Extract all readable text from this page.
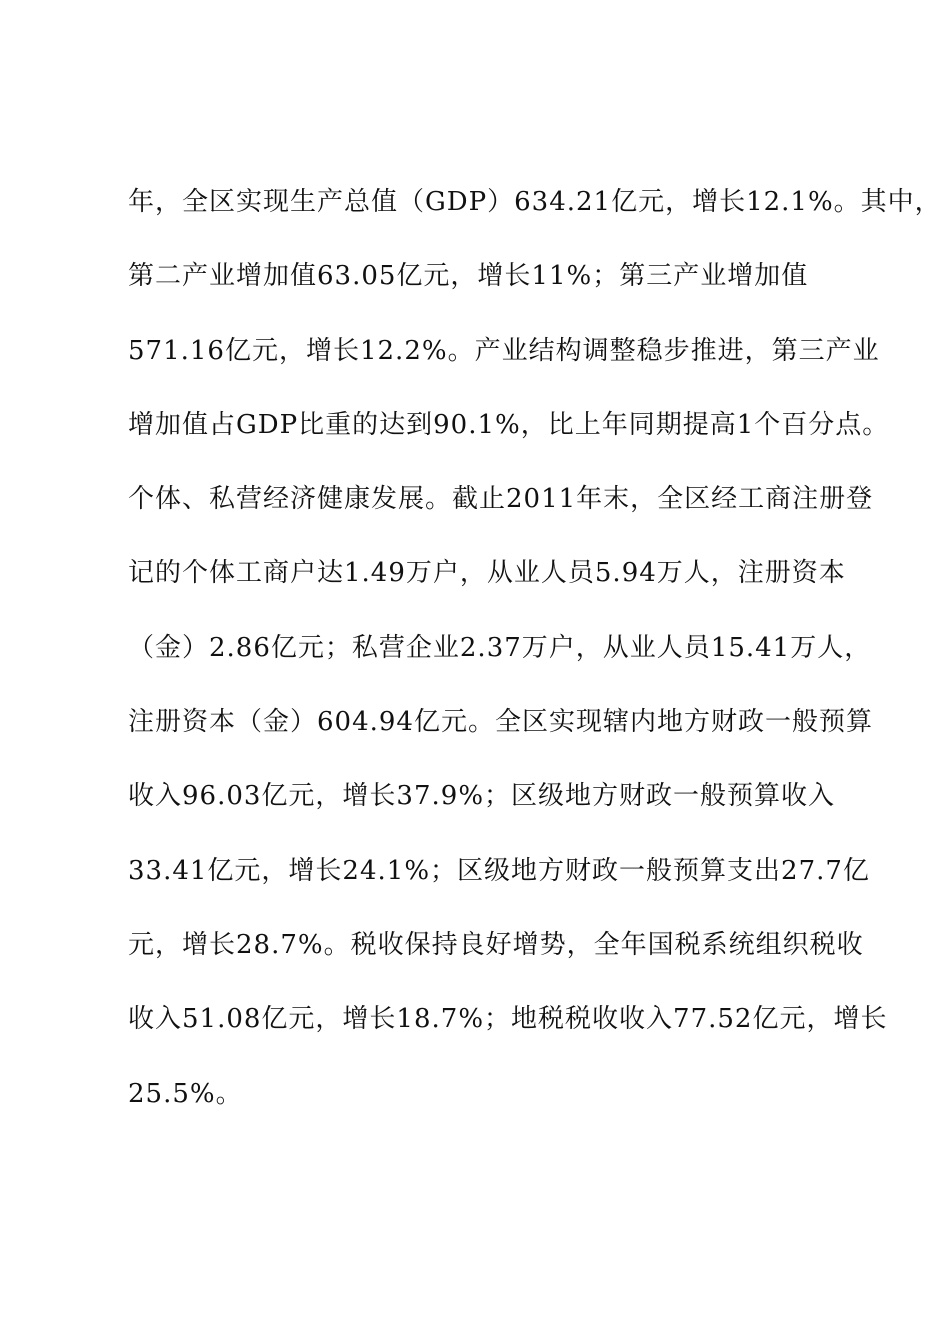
年，全区实现生产总值（GDP）634.21亿元，增长12.1%。其中，
第二产业增加值63.05亿元，增长11%；第三产业增加值
571.16亿元，增长12.2%。产业结构调整稳步推进，第三产业
增加值占GDP比重的达到90.1%，比上年同期提高1个百分点。
个体、私营经济健康发展。截止2011年末，全区经工商注册登
记的个体工商户达1.49万户，从业人员5.94万人，注册资本
（金）2.86亿元；私营企业2.37万户，从业人员15.41万人，
注册资本（金）604.94亿元。全区实现辖内地方财政一般预算
收入96.03亿元，增长37.9%；区级地方财政一般预算收入
33.41亿元，增长24.1%；区级地方财政一般预算支出27.7亿
元，增长28.7%。税收保持良好增势，全年国税系统组织税收
收入51.08亿元，增长18.7%；地税税收收入77.52亿元，增长
25.5%。
